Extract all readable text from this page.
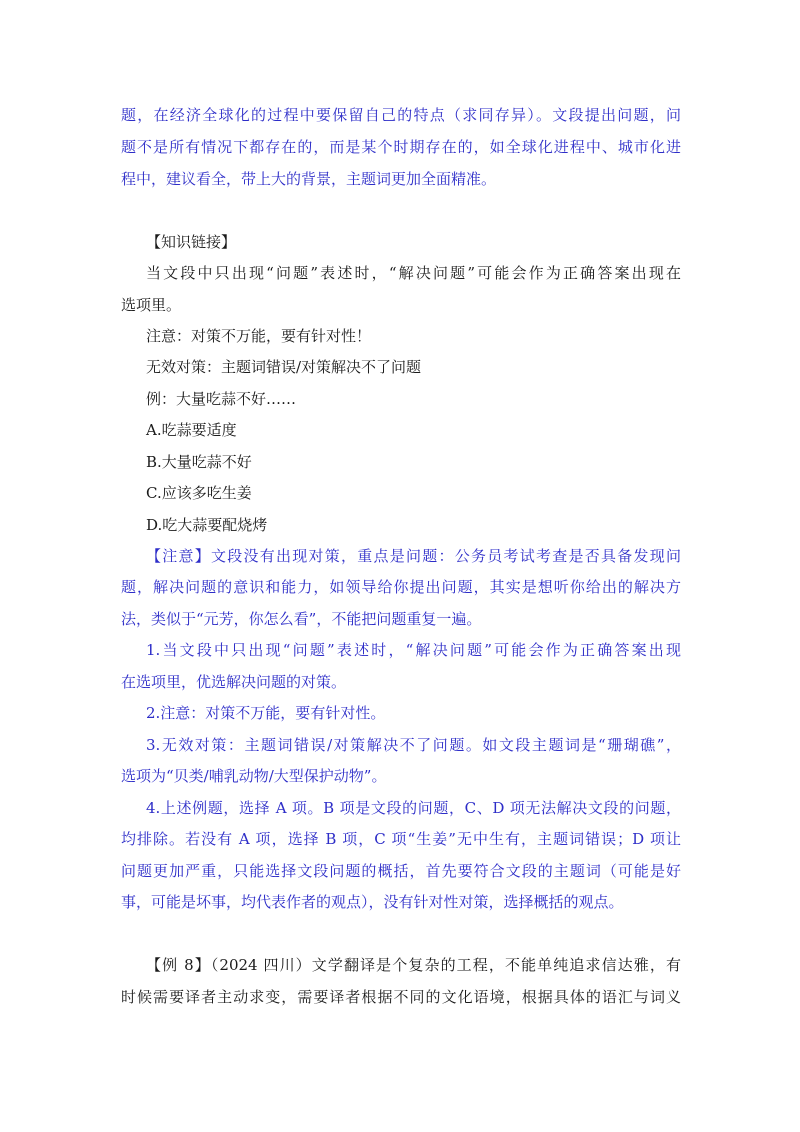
题，在经济全球化的过程中要保留自己的特点（求同存异）。文段提出问题，问
题不是所有情况下都存在的，而是某个时期存在的，如全球化进程中、城市化进
程中，建议看全，带上大的背景，主题词更加全面精准。
【知识链接】
当文段中只出现“问题”表述时，“解决问题”可能会作为正确答案出现在
选项里。
注意：对策不万能，要有针对性！
无效对策：主题词错误/对策解决不了问题
例：大量吃蒜不好……
A.吃蒜要适度
B.大量吃蒜不好
C.应该多吃生姜
D.吃大蒜要配烧烤
【注意】文段没有出现对策，重点是问题：公务员考试考查是否具备发现问
题，解决问题的意识和能力，如领导给你提出问题，其实是想听你给出的解决方
法，类似于“元芳，你怎么看”，不能把问题重复一遍。
1.当文段中只出现“问题”表述时，“解决问题”可能会作为正确答案出现
在选项里，优选解决问题的对策。
2.注意：对策不万能，要有针对性。
3.无效对策：主题词错误/对策解决不了问题。如文段主题词是“珊瑚礁”，
选项为“贝类/哺乳动物/大型保护动物”。
4.上述例题，选择 A 项。B 项是文段的问题，C、D 项无法解决文段的问题，
均排除。若没有 A 项，选择 B 项，C 项“生姜”无中生有，主题词错误；D 项让
问题更加严重，只能选择文段问题的概括，首先要符合文段的主题词（可能是好
事，可能是坏事，均代表作者的观点），没有针对性对策，选择概括的观点。
【例 8】（2024 四川）文学翻译是个复杂的工程，不能单纯追求信达雅，有
时候需要译者主动求变，需要译者根据不同的文化语境，根据具体的语汇与词义
